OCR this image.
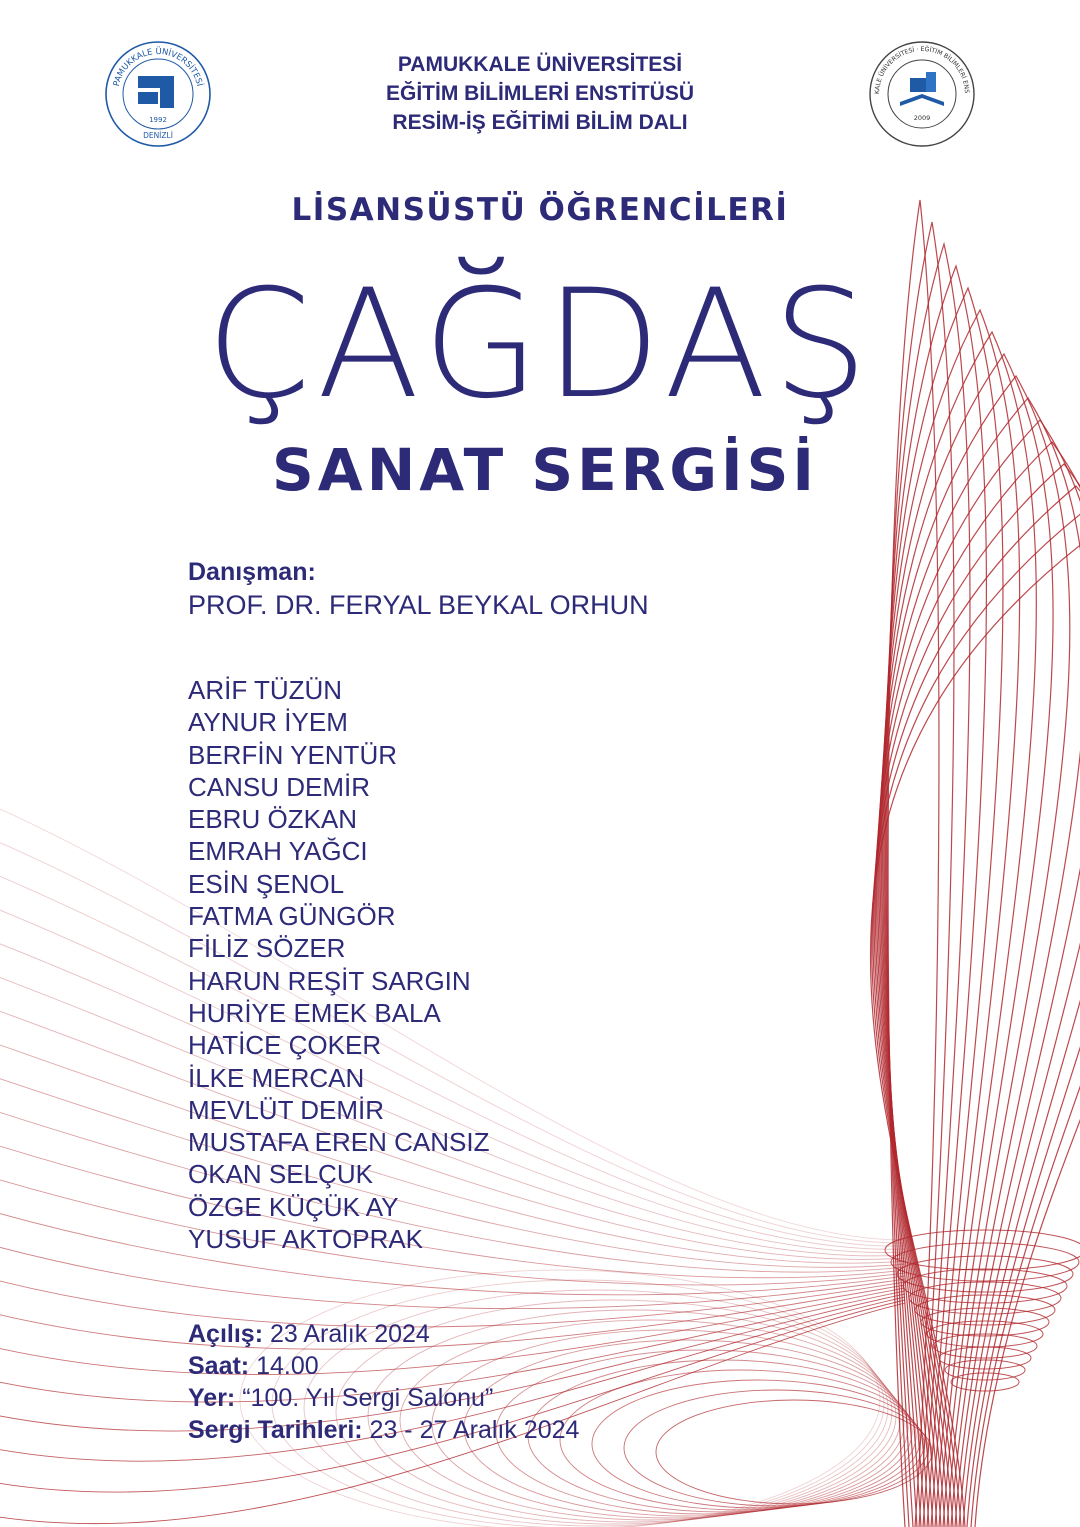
PAMUKKALE ÜNİVERSİTESİ
1992
DENİZLİ
KALE ÜNİVERSİTESİ · EĞİTİM BİLİMLERİ ENS
2009
PAMUKKALE ÜNİVERSİTESİ
EĞİTİM BİLİMLERİ ENSTİTÜSÜ
RESİM-İŞ EĞİTİMİ BİLİM DALI
LİSANSÜSTÜ ÖĞRENCİLERİ
ÇAĞDAŞ
SANAT SERGİSİ
Danışman:
PROF. DR. FERYAL BEYKAL ORHUN
ARİF TÜZÜN
AYNUR İYEM
BERFİN YENTÜR
CANSU DEMİR
EBRU ÖZKAN
EMRAH YAĞCI
ESİN ŞENOL
FATMA GÜNGÖR
FİLİZ SÖZER
HARUN REŞİT SARGIN
HURİYE EMEK BALA
HATİCE ÇOKER
İLKE MERCAN
MEVLÜT DEMİR
MUSTAFA EREN CANSIZ
OKAN SELÇUK
ÖZGE KÜÇÜK AY
YUSUF AKTOPRAK
Açılış: 23 Aralık 2024
Saat: 14.00
Yer: “100. Yıl Sergi Salonu”
Sergi Tarihleri: 23 - 27 Aralık 2024
